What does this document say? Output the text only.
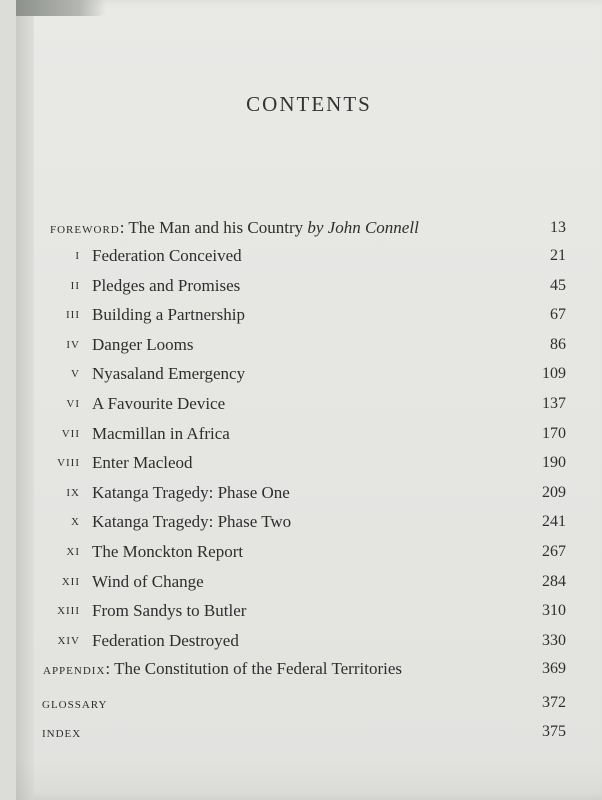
CONTENTS
FOREWORD: The Man and his Country by John Connell	13
I Federation Conceived	21
II Pledges and Promises	45
III Building a Partnership	67
IV Danger Looms	86
V Nyasaland Emergency	109
VI A Favourite Device	137
VII Macmillan in Africa	170
VIII Enter Macleod	190
IX Katanga Tragedy: Phase One	209
X Katanga Tragedy: Phase Two	241
XI The Monckton Report	267
XII Wind of Change	284
XIII From Sandys to Butler	310
XIV Federation Destroyed	330
APPENDIX: The Constitution of the Federal Territories	369
GLOSSARY	372
INDEX	375
